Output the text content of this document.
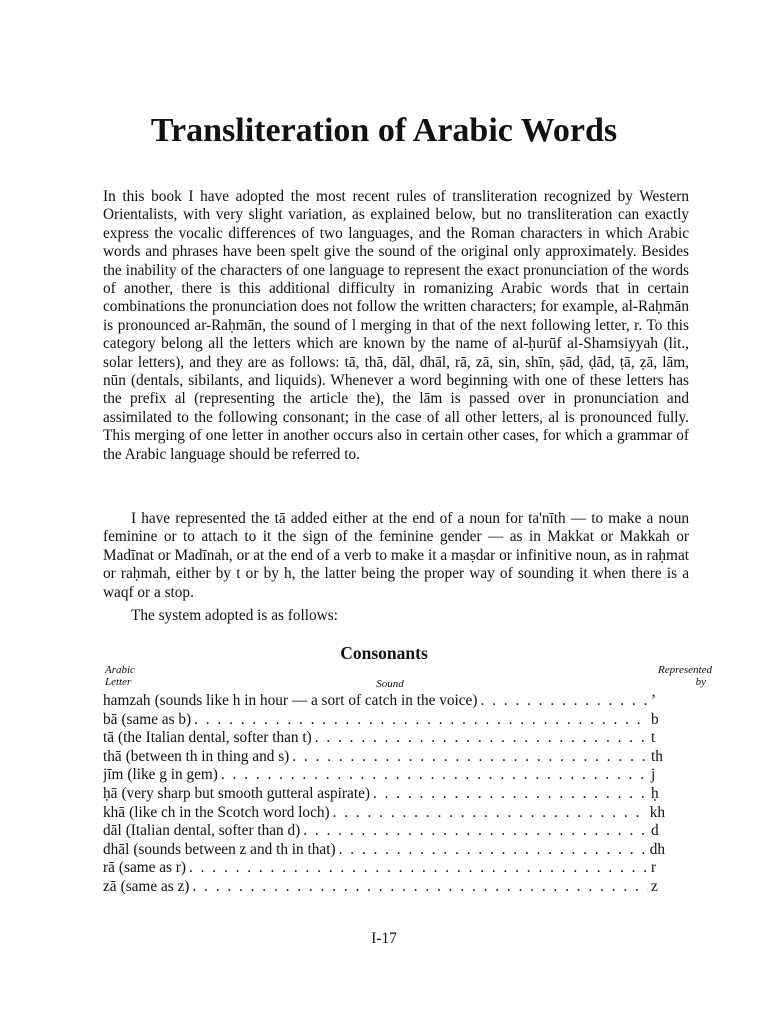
Transliteration of Arabic Words

In this book I have adopted the most recent rules of transliteration recognized by Western Orientalists, with very slight variation, as explained below, but no transliteration can exactly express the vocalic differences of two languages, and the Roman characters in which Arabic words and phrases have been spelt give the sound of the original only approximately. Besides the inability of the characters of one language to represent the exact pronunciation of the words of another, there is this additional difficulty in romanizing Arabic words that in certain combinations the pronunciation does not follow the written characters; for example, al-Raḥmān is pronounced ar-Raḥmān, the sound of l merging in that of the next following letter, r. To this category belong all the letters which are known by the name of al-ḥurūf al-Shamsiyyah (lit., solar letters), and they are as follows: tā, thā, dāl, dhāl, rā, zā, sin, shīn, ṣād, ḍād, ṭā, ẓā, lām, nūn (dentals, sibilants, and liquids). Whenever a word beginning with one of these letters has the prefix al (representing the article the), the lām is passed over in pronunciation and assimilated to the following consonant; in the case of all other letters, al is pronounced fully. This merging of one letter in another occurs also in certain other cases, for which a grammar of the Arabic language should be referred to.

I have represented the tā added either at the end of a noun for ta'nīth — to make a noun feminine or to attach to it the sign of the feminine gender — as in Makkat or Makkah or Madīnat or Madīnah, or at the end of a verb to make it a maṣdar or infinitive noun, as in raḥmat or raḥmah, either by t or by h, the latter being the proper way of sounding it when there is a waqf or a stop.

The system adopted is as follows:

Consonants
Arabic
Letter	Sound
Represented
by
hamzah (sounds like h in hour — a sort of catch in the voice) . . .	’
bā (same as b) . . .	b
tā (the Italian dental, softer than t) . . .	t
thā (between th in thing and s) . . .	th
jīm (like g in gem) . . .	j
ḥā (very sharp but smooth gutteral aspirate) . . .	ḥ
khā (like ch in the Scotch word loch) . . .	kh
dāl (Italian dental, softer than d) . . .	d
dhāl (sounds between z and th in that) . . .	dh
rā (same as r) . . .	r
zā (same as z) . . .	z

I-17
